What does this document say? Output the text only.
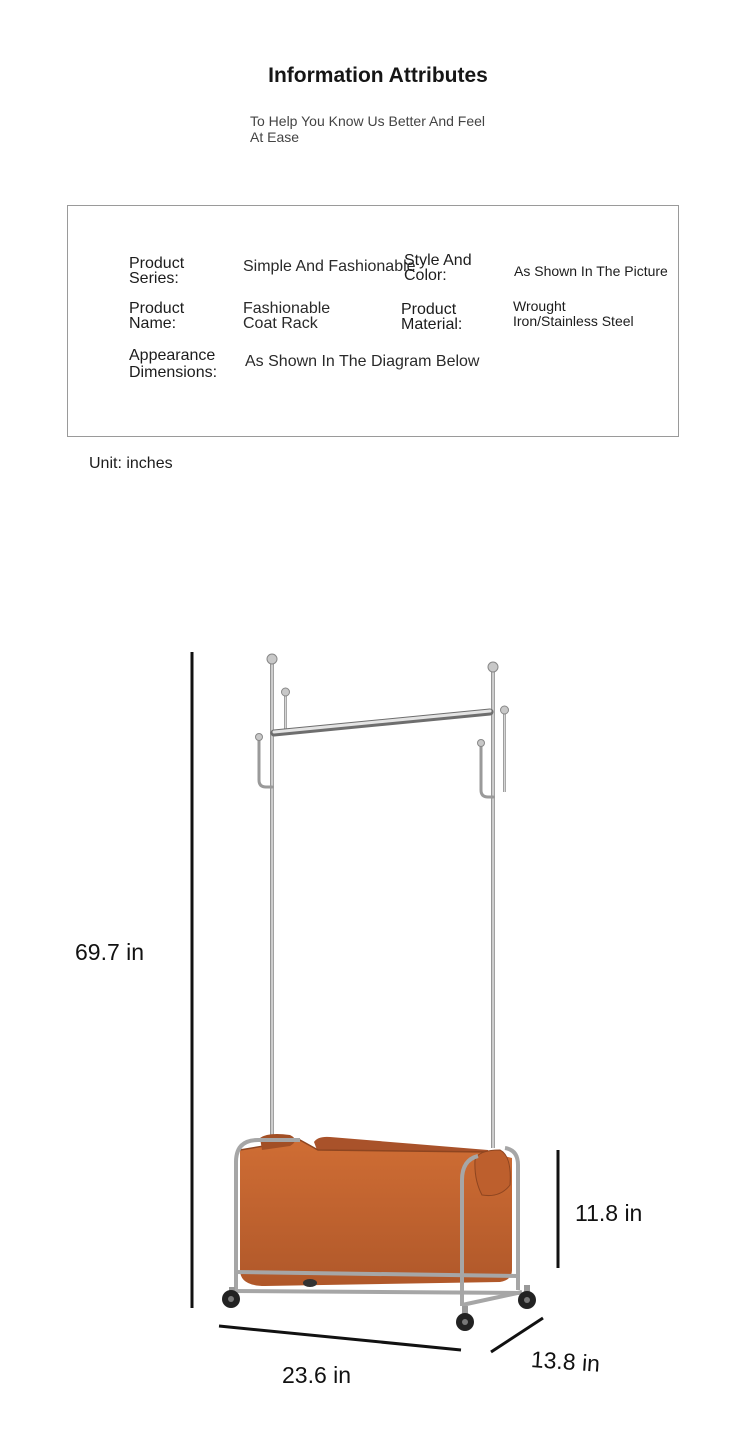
Information Attributes
To Help You Know Us Better And Feel At Ease
Product Series:
Simple And Fashionable
Style And Color:	As Shown In The Picture
Product Name:
Fashionable Coat Rack
Product Material:
Wrought Iron/Stainless Steel
Appearance Dimensions:
As Shown In The Diagram Below
Unit: inches
69.7 in
11.8 in
23.6 in	13.8 in
